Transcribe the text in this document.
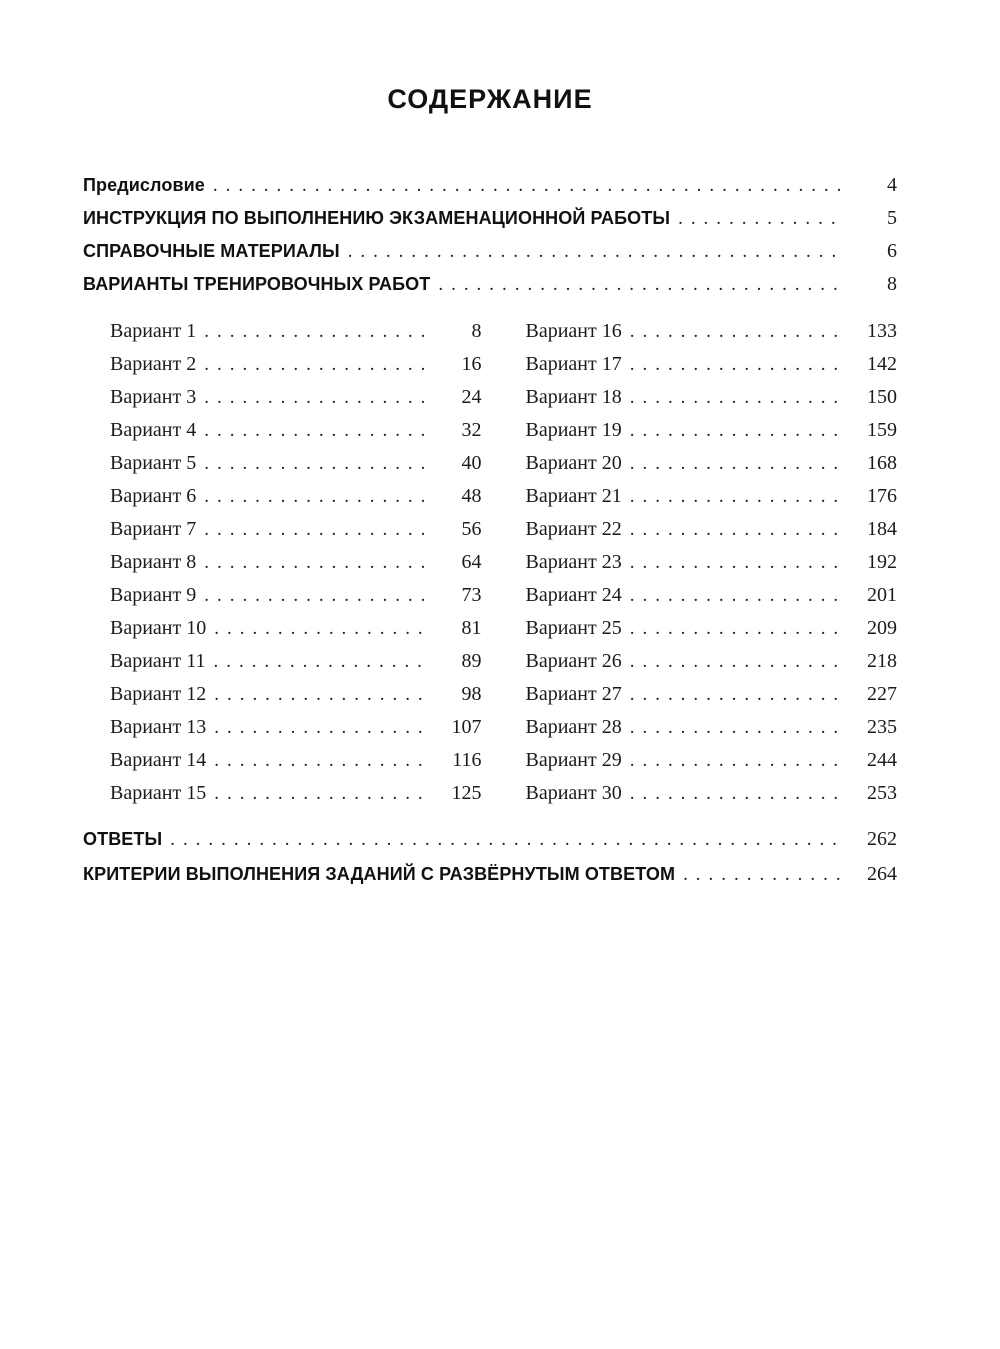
СОДЕРЖАНИЕ
Предисловие .....	4
ИНСТРУКЦИЯ ПО ВЫПОЛНЕНИЮ ЭКЗАМЕНАЦИОННОЙ РАБОТЫ .....	5
СПРАВОЧНЫЕ МАТЕРИАЛЫ .....	6
ВАРИАНТЫ ТРЕНИРОВОЧНЫХ РАБОТ .....	8
Вариант 1 .....	8
Вариант 2 .....	16
Вариант 3 .....	24
Вариант 4 .....	32
Вариант 5 .....	40
Вариант 6 .....	48
Вариант 7 .....	56
Вариант 8 .....	64
Вариант 9 .....	73
Вариант 10 .....	81
Вариант 11 .....	89
Вариант 12 .....	98
Вариант 13 .....	107
Вариант 14 .....	116
Вариант 15 .....	125
Вариант 16 .....	133
Вариант 17 .....	142
Вариант 18 .....	150
Вариант 19 .....	159
Вариант 20 .....	168
Вариант 21 .....	176
Вариант 22 .....	184
Вариант 23 .....	192
Вариант 24 .....	201
Вариант 25 .....	209
Вариант 26 .....	218
Вариант 27 .....	227
Вариант 28 .....	235
Вариант 29 .....	244
Вариант 30 .....	253
ОТВЕТЫ .....	262
КРИТЕРИИ ВЫПОЛНЕНИЯ ЗАДАНИЙ С РАЗВЁРНУТЫМ ОТВЕТОМ .....	264
